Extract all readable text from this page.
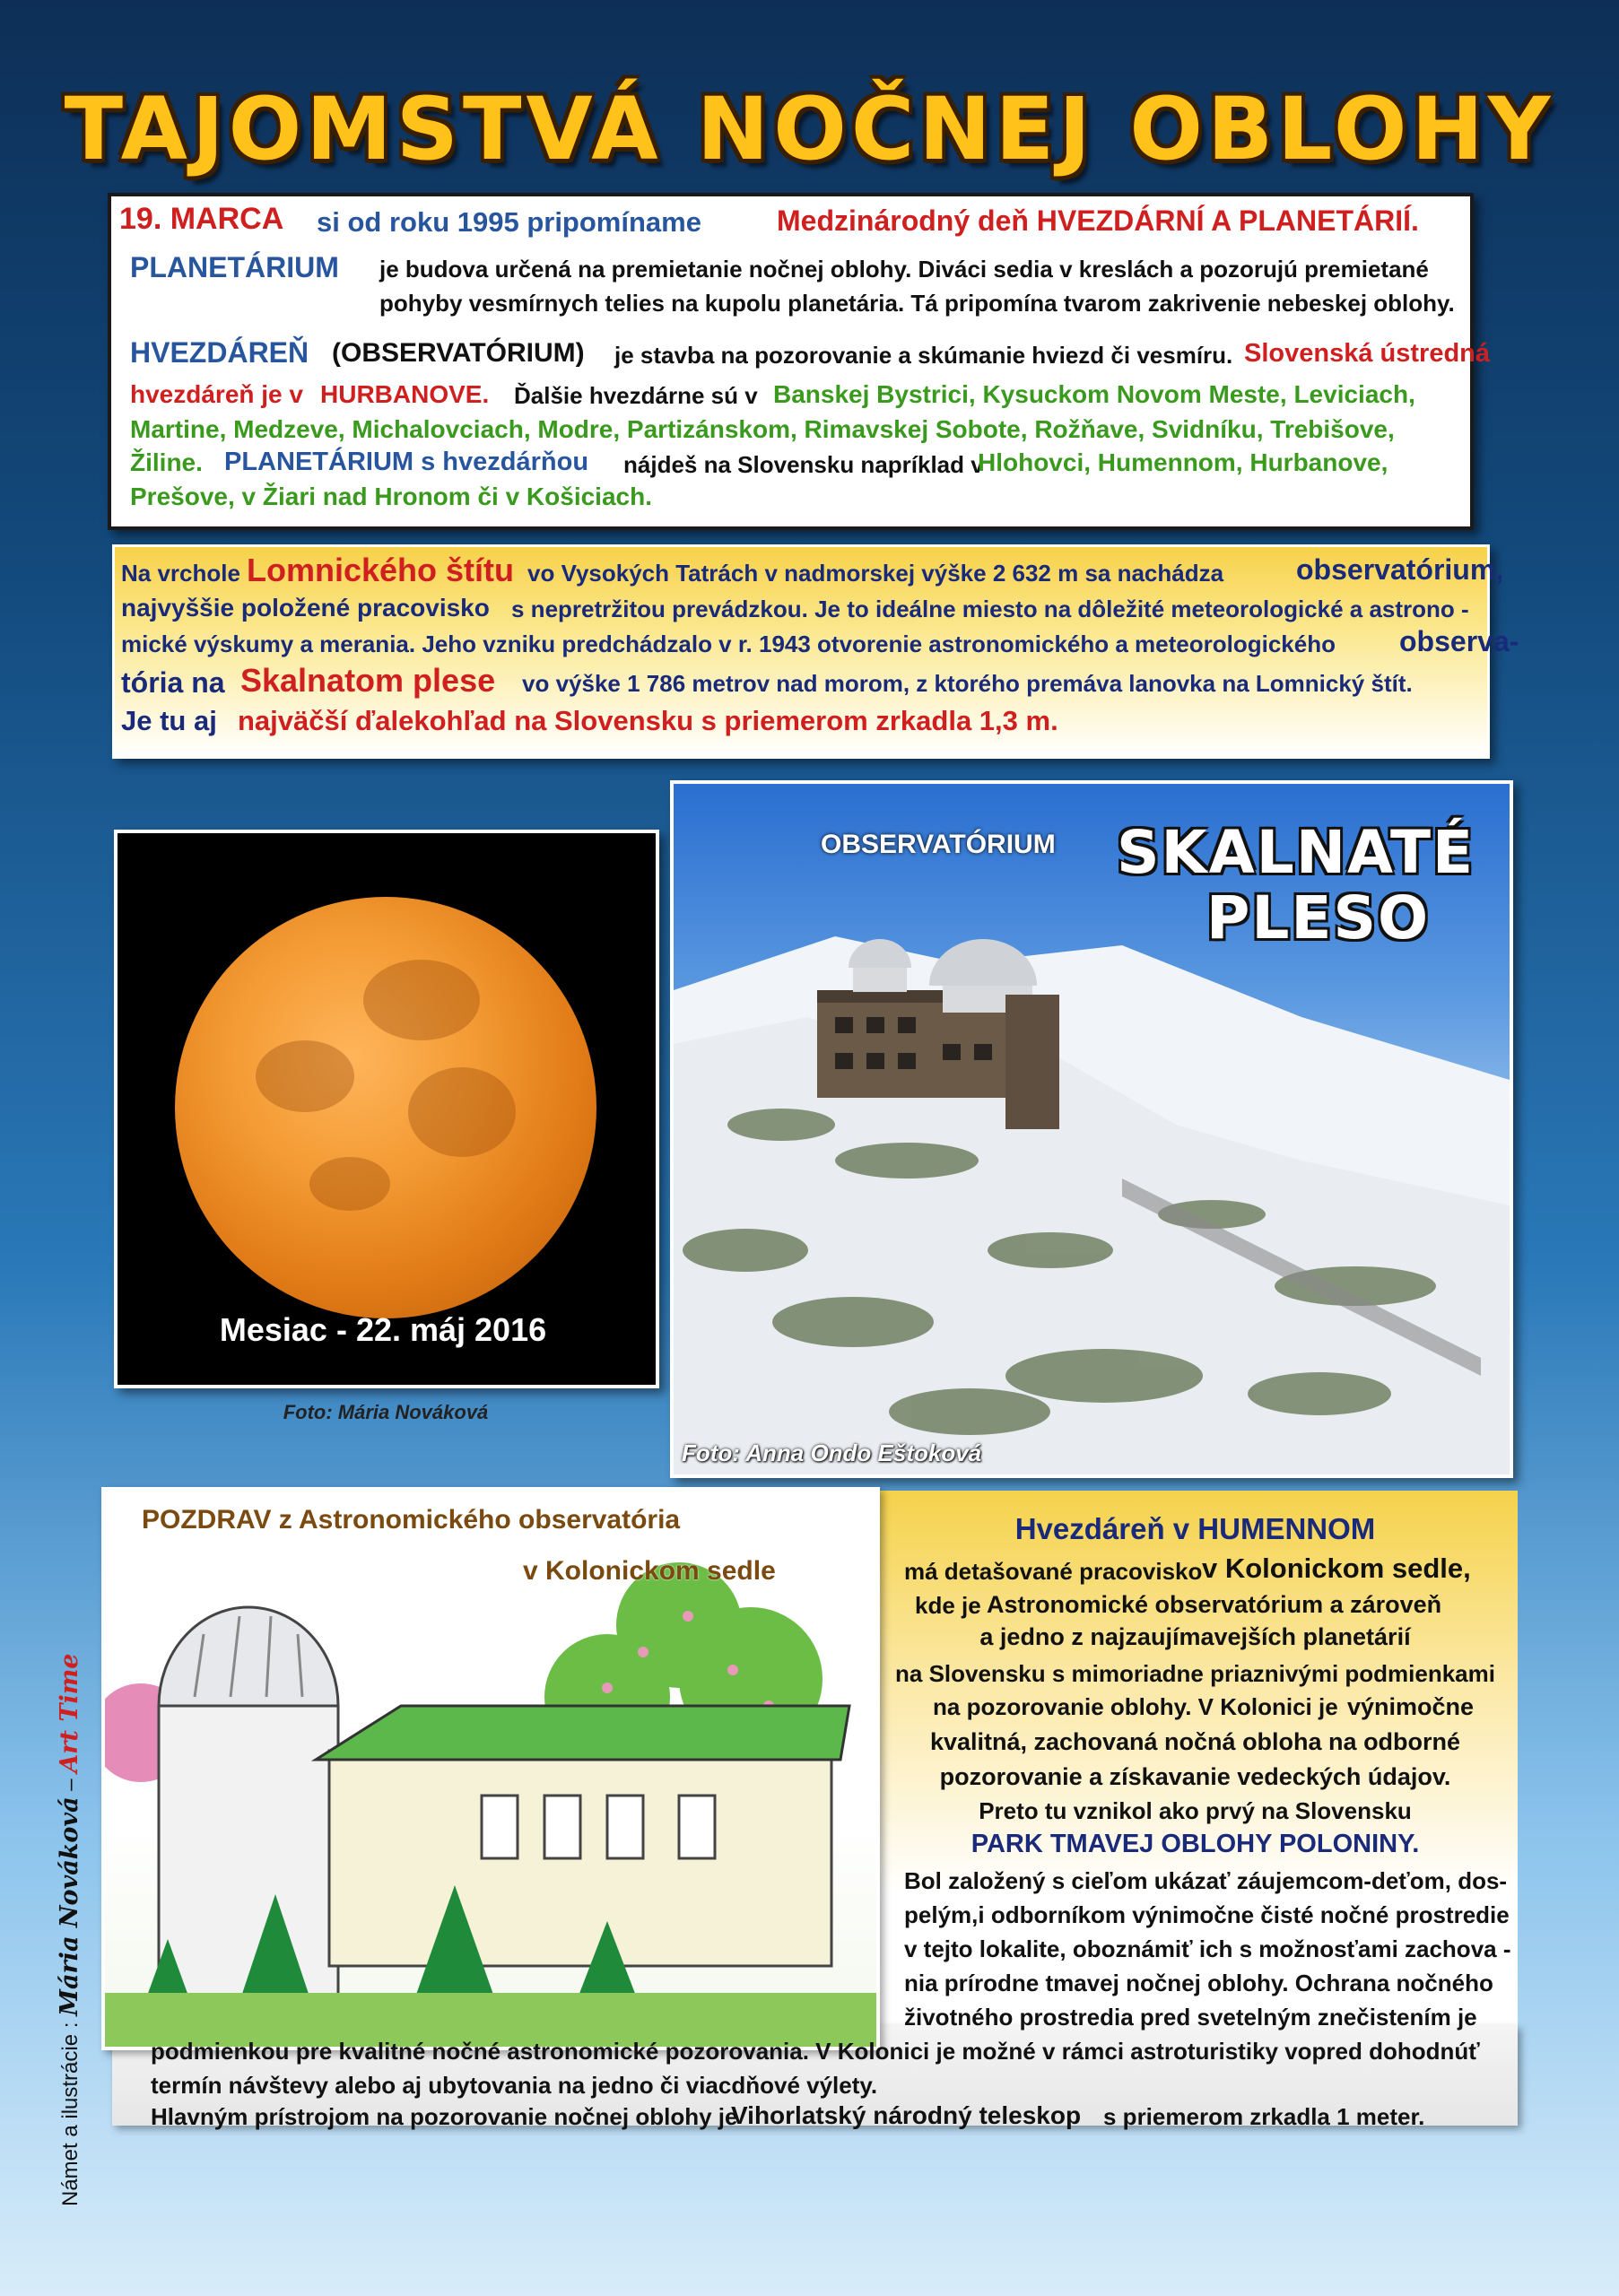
TAJOMSTVÁ NOČNEJ OBLOHY
19. MARCA si od roku 1995 pripomíname	Medzinárodný deň HVEZDÁRNÍ A PLANETÁRIÍ.
PLANETÁRIUM je budova určená na premietanie nočnej oblohy. Diváci sedia v kreslách a pozorujú premietané
pohyby vesmírnych telies na kupolu planetária. Tá pripomína tvarom zakrivenie nebeskej oblohy.
HVEZDÁREŇ (OBSERVATÓRIUM) je stavba na pozorovanie a skúmanie hviezd či vesmíru. Slovenská ústredná
hvezdáreň je v HURBANOVE. Ďalšie hvezdárne sú v Banskej Bystrici, Kysuckom Novom Meste, Leviciach,
Martine, Medzeve, Michalovciach, Modre, Partizánskom, Rimavskej Sobote, Rožňave, Svidníku, Trebišove,
Žiline. PLANETÁRIUM s hvezdárňou nájdeš na Slovensku napríklad v
Hlohovci, Humennom, Hurbanove,
Prešove, v Žiari nad Hronom či v Košiciach.
Na vrchole Lomnického štítu vo Vysokých Tatrách v nadmorskej výške 2 632 m sa nachádza	observatórium,
najvyššie položené pracovisko s nepretržitou prevádzkou. Je to ideálne miesto na dôležité meteorologické a astrono -
mické výskumy a merania. Jeho vzniku predchádzalo v r. 1943 otvorenie astronomického a meteorologického observa-
tória na Skalnatom plese vo výške 1 786 metrov nad morom, z ktorého premáva lanovka na Lomnický štít.
Je tu aj najväčší ďalekohľad na Slovensku s priemerom zrkadla 1,3 m.
Mesiac - 22. máj 2016
Foto: Mária Nováková
OBSERVATÓRIUM SKALNATÉ
PLESO
Foto: Anna Ondo Eštoková
POZDRAV z Astronomického observatória
v Kolonickom sedle
Hvezdáreň v HUMENNOM
má detašované pracovisko v Kolonickom sedle,
kde je Astronomické observatórium a zároveň
a jedno z najzaujímavejších planetárií
na Slovensku s mimoriadne priaznivými podmienkami
na pozorovanie oblohy. V Kolonici je výnimočne
kvalitná, zachovaná nočná obloha na odborné
pozorovanie a získavanie vedeckých údajov.
Preto tu vznikol ako prvý na Slovensku
PARK TMAVEJ OBLOHY POLONINY.
Bol založený s cieľom ukázať záujemcom-deťom, dos-
pelým,i odborníkom výnimočne čisté nočné prostredie
v tejto lokalite, oboznámiť ich s možnosťami zachova -
nia prírodne tmavej nočnej oblohy. Ochrana nočného
životného prostredia pred svetelným znečistením je
podmienkou pre kvalitné nočné astronomické pozorovania. V Kolonici je možné v rámci astroturistiky vopred dohodnúť
termín návštevy alebo aj ubytovania na jedno či viacdňové výlety.
Hlavným prístrojom na pozorovanie nočnej oblohy je
Vihorlatský národný teleskop s priemerom zrkadla 1 meter.
Námet a ilustrácie : Mária Nováková – Art Time
